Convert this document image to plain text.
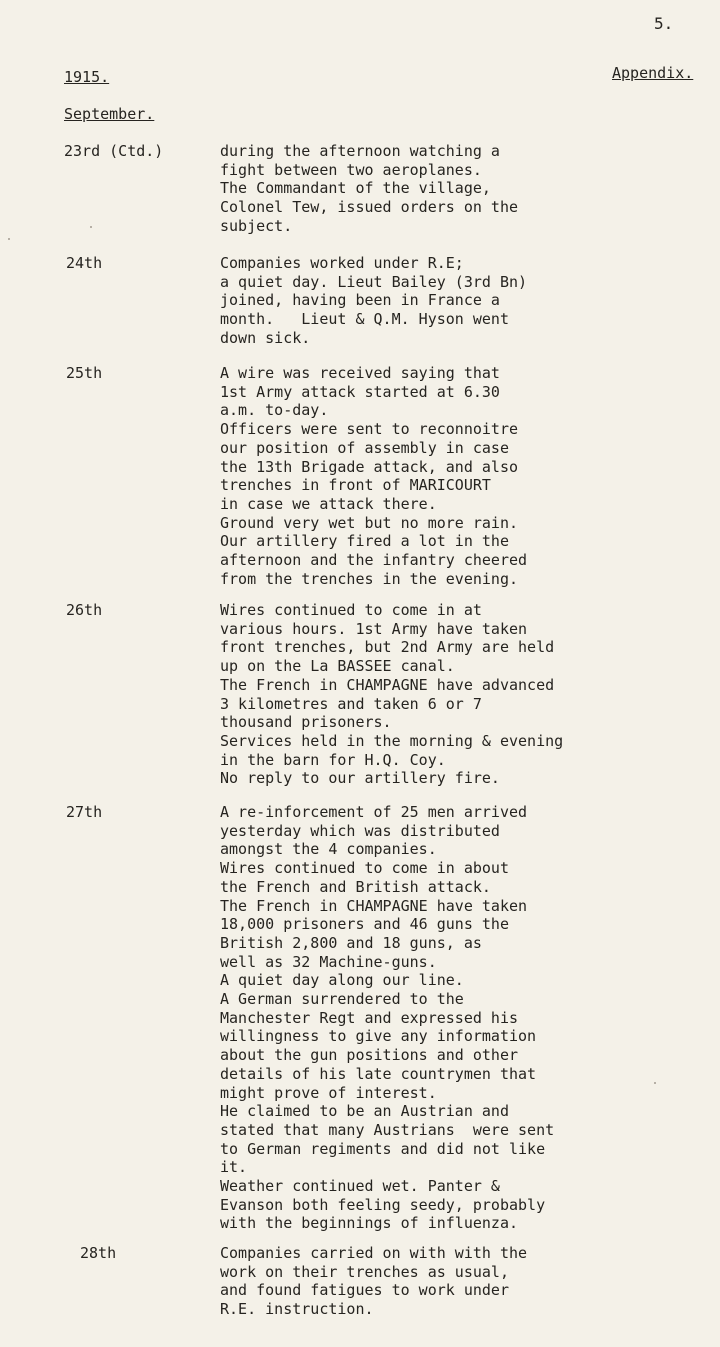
5.
1915.	Appendix.
September.
23rd (Ctd.)	during the afternoon watching a
fight between two aeroplanes.
The Commandant of the village,
Colonel Tew, issued orders on the
subject.
24th	Companies worked under R.E;
a quiet day. Lieut Bailey (3rd Bn)
joined, having been in France a
month.   Lieut & Q.M. Hyson went
down sick.
25th	A wire was received saying that
1st Army attack started at 6.30
a.m. to-day.
Officers were sent to reconnoitre
our position of assembly in case
the 13th Brigade attack, and also
trenches in front of MARICOURT
in case we attack there.
Ground very wet but no more rain.
Our artillery fired a lot in the
afternoon and the infantry cheered
from the trenches in the evening.
26th	Wires continued to come in at
various hours. 1st Army have taken
front trenches, but 2nd Army are held
up on the La BASSEE canal.
The French in CHAMPAGNE have advanced
3 kilometres and taken 6 or 7
thousand prisoners.
Services held in the morning & evening
in the barn for H.Q. Coy.
No reply to our artillery fire.
27th	A re-inforcement of 25 men arrived
yesterday which was distributed
amongst the 4 companies.
Wires continued to come in about
the French and British attack.
The French in CHAMPAGNE have taken
18,000 prisoners and 46 guns the
British 2,800 and 18 guns, as
well as 32 Machine-guns.
A quiet day along our line.
A German surrendered to the
Manchester Regt and expressed his
willingness to give any information
about the gun positions and other
details of his late countrymen that
might prove of interest.
He claimed to be an Austrian and
stated that many Austrians  were sent
to German regiments and did not like
it.
Weather continued wet. Panter &
Evanson both feeling seedy, probably
with the beginnings of influenza.
28th	Companies carried on with with the
work on their trenches as usual,
and found fatigues to work under
R.E. instruction.
